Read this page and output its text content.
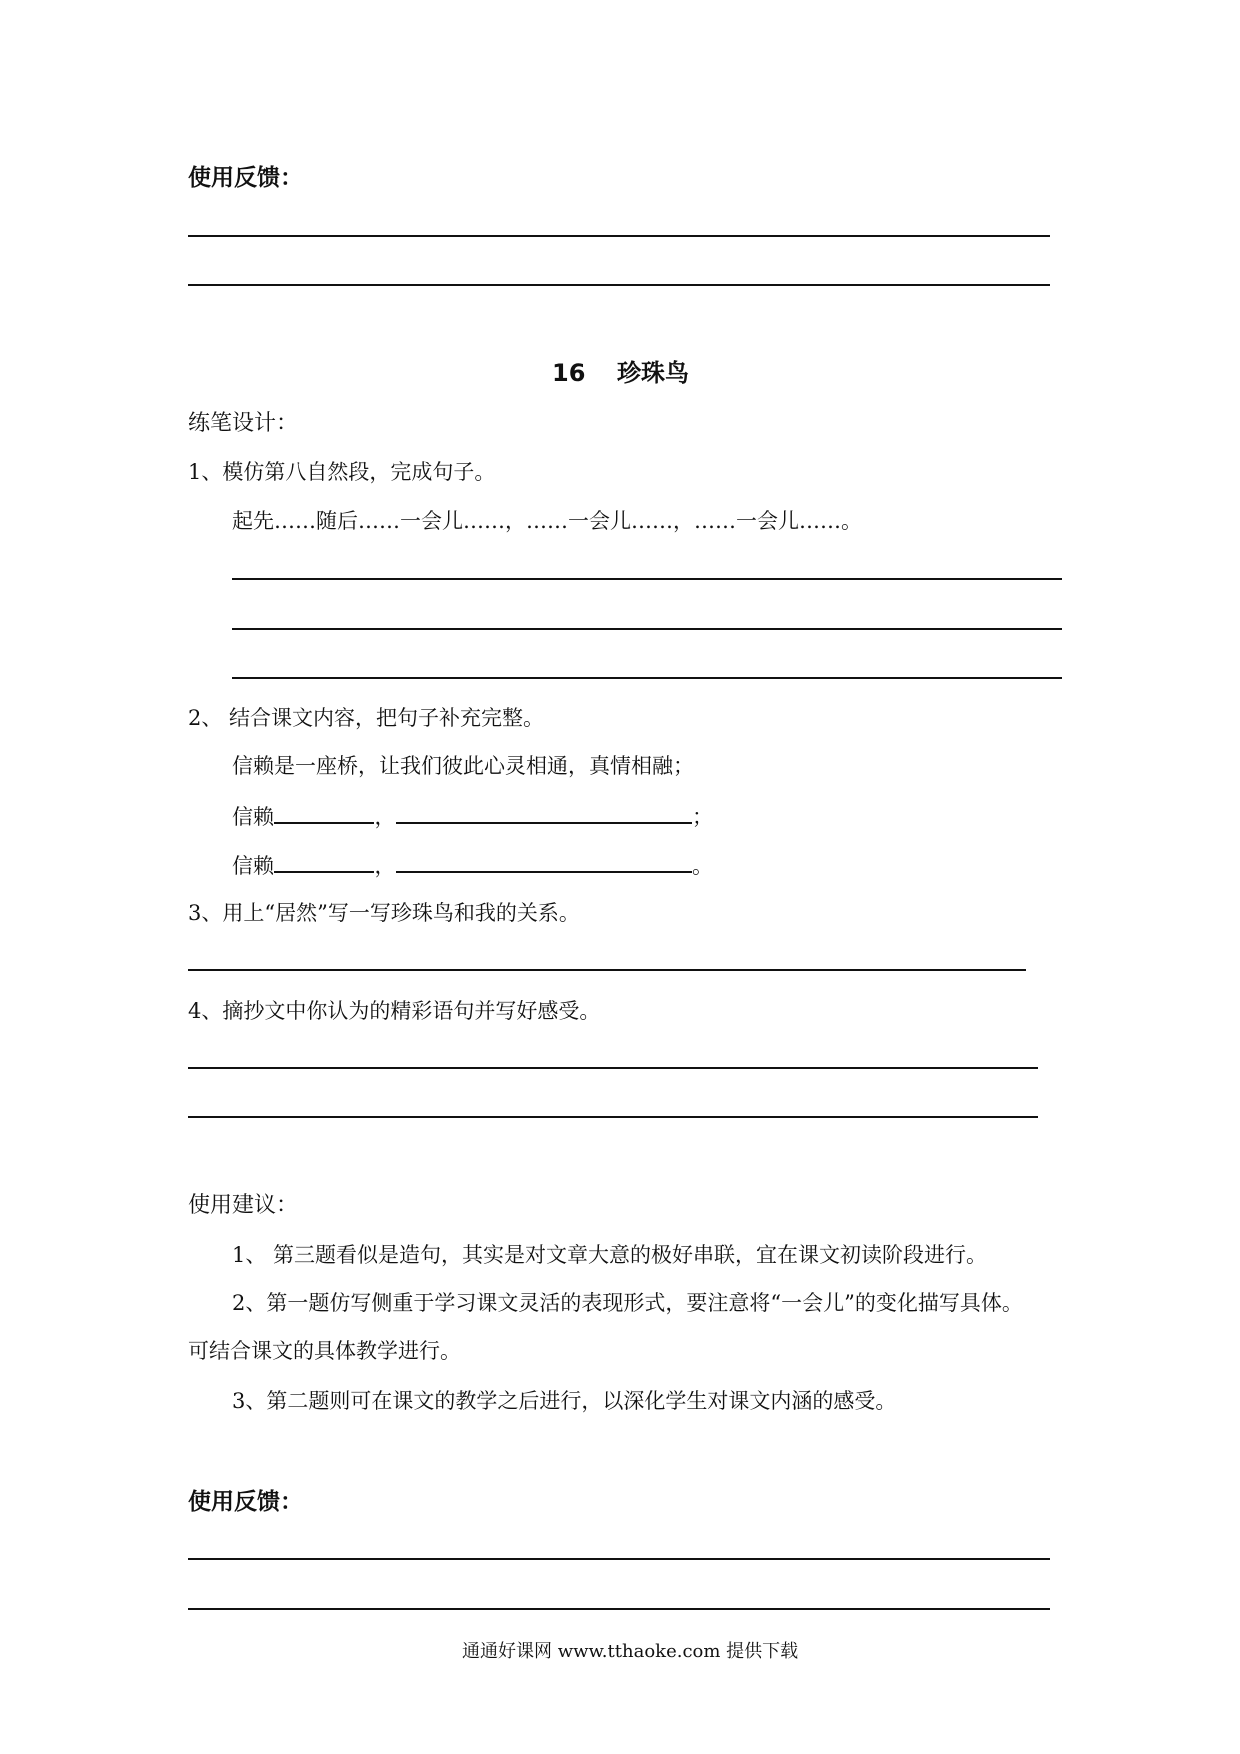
使用反馈：
16 珍珠鸟
练笔设计：
1、模仿第八自然段，完成句子。
起先……随后……一会儿……，……一会儿……，……一会儿……。
2、 结合课文内容，把句子补充完整。
信赖是一座桥，让我们彼此心灵相通，真情相融；
信赖	，	；
信赖	，	。
3、用上“居然”写一写珍珠鸟和我的关系。
4、摘抄文中你认为的精彩语句并写好感受。
使用建议：
1、 第三题看似是造句，其实是对文章大意的极好串联，宜在课文初读阶段进行。
2、第一题仿写侧重于学习课文灵活的表现形式，要注意将“一会儿”的变化描写具体。
可结合课文的具体教学进行。
3、第二题则可在课文的教学之后进行，以深化学生对课文内涵的感受。
使用反馈：
通通好课网 www.tthaoke.com 提供下载
